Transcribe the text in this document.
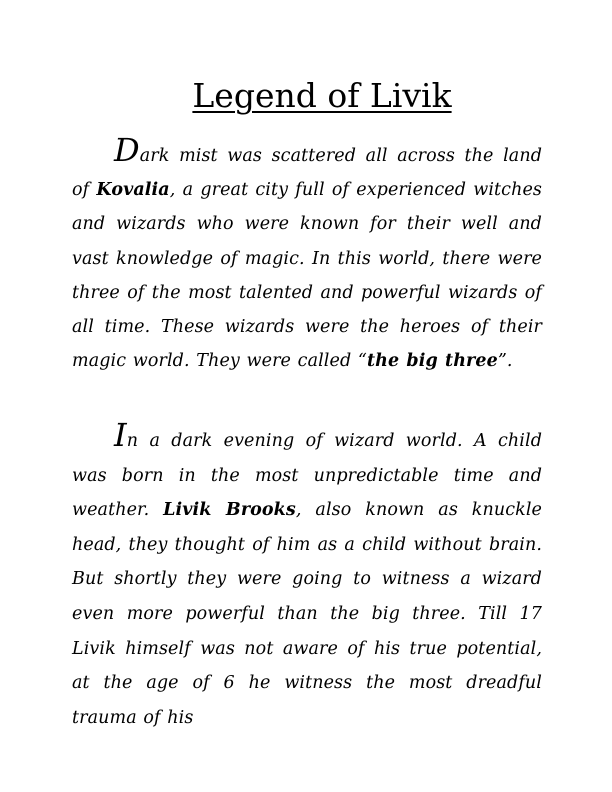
Legend of Livik
Dark mist was scattered all across the land of Kovalia, a great city full of experienced witches and wizards who were known for their well and vast knowledge of magic. In this world, there were three of the most talented and powerful wizards of all time. These wizards were the heroes of their magic world. They were called “the big three”.
In a dark evening of wizard world. A child was born in the most unpredictable time and weather. Livik Brooks, also known as knuckle head, they thought of him as a child without brain. But shortly they were going to witness a wizard even more powerful than the big three. Till 17 Livik himself was not aware of his true potential, at the age of 6 he witness the most dreadful trauma of his
